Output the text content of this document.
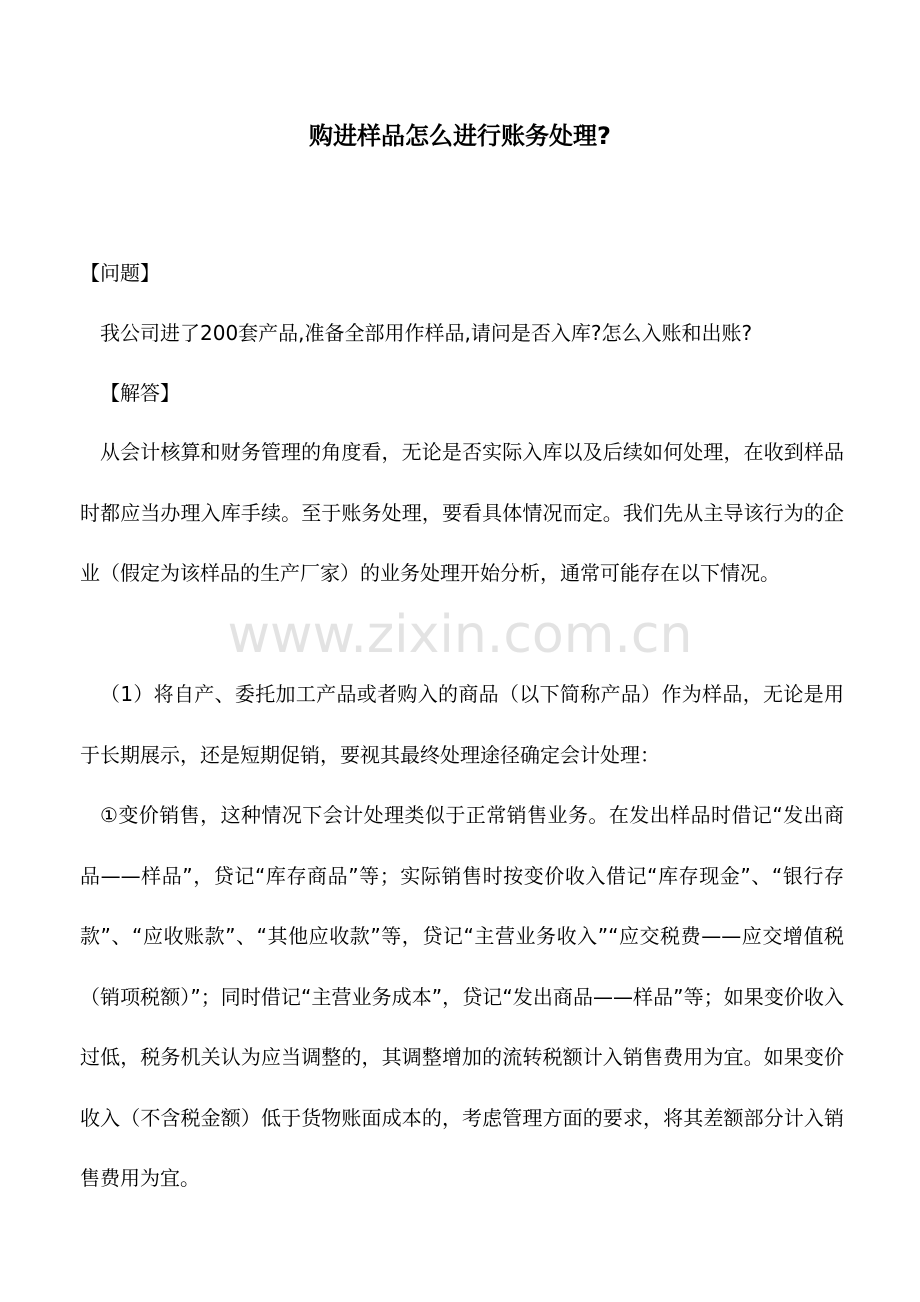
www.zixin.com.cn
购进样品怎么进行账务处理?

【问题】

我公司进了200套产品,准备全部用作样品,请问是否入库?怎么入账和出账?

【解答】

从会计核算和财务管理的角度看，无论是否实际入库以及后续如何处理，在收到样品时都应当办理入库手续。至于账务处理，要看具体情况而定。我们先从主导该行为的企业（假定为该样品的生产厂家）的业务处理开始分析，通常可能存在以下情况。

（1）将自产、委托加工产品或者购入的商品（以下简称产品）作为样品，无论是用于长期展示，还是短期促销，要视其最终处理途径确定会计处理：

①变价销售，这种情况下会计处理类似于正常销售业务。在发出样品时借记“发出商品——样品”，贷记“库存商品”等；实际销售时按变价收入借记“库存现金”、“银行存款”、“应收账款”、“其他应收款”等，贷记“主营业务收入”“应交税费——应交增值税（销项税额）”；同时借记“主营业务成本”，贷记“发出商品——样品”等；如果变价收入过低，税务机关认为应当调整的，其调整增加的流转税额计入销售费用为宜。如果变价收入（不含税金额）低于货物账面成本的，考虑管理方面的要求，将其差额部分计入销售费用为宜。
